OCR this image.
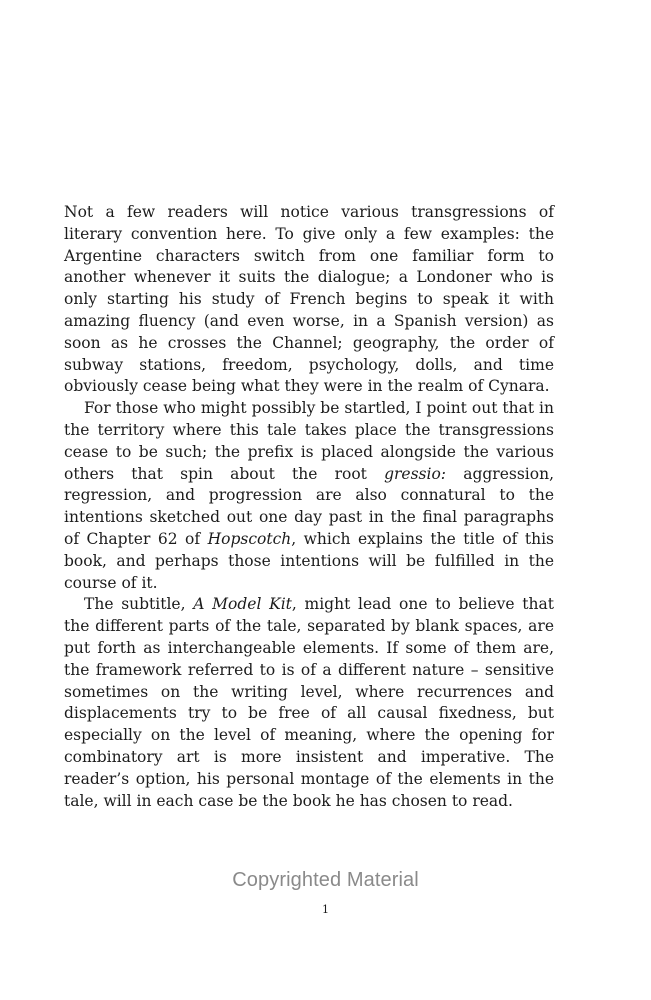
Not a few readers will notice various transgressions of literary convention here. To give only a few examples: the Argentine characters switch from one familiar form to another whenever it suits the dialogue; a Londoner who is only starting his study of French begins to speak it with amazing fluency (and even worse, in a Spanish version) as soon as he crosses the Channel; geography, the order of subway stations, freedom, psychology, dolls, and time obviously cease being what they were in the realm of Cynara.

For those who might possibly be startled, I point out that in the territory where this tale takes place the transgressions cease to be such; the prefix is placed alongside the various others that spin about the root gressio: aggression, regression, and progression are also connatural to the intentions sketched out one day past in the final paragraphs of Chapter 62 of Hopscotch, which explains the title of this book, and perhaps those intentions will be fulfilled in the course of it.

The subtitle, A Model Kit, might lead one to believe that the different parts of the tale, separated by blank spaces, are put forth as interchangeable elements. If some of them are, the framework referred to is of a different nature – sensitive sometimes on the writing level, where recurrences and displacements try to be free of all causal fixedness, but especially on the level of meaning, where the opening for combinatory art is more insistent and imperative. The reader’s option, his personal montage of the elements in the tale, will in each case be the book he has chosen to read.

Copyrighted Material
1
